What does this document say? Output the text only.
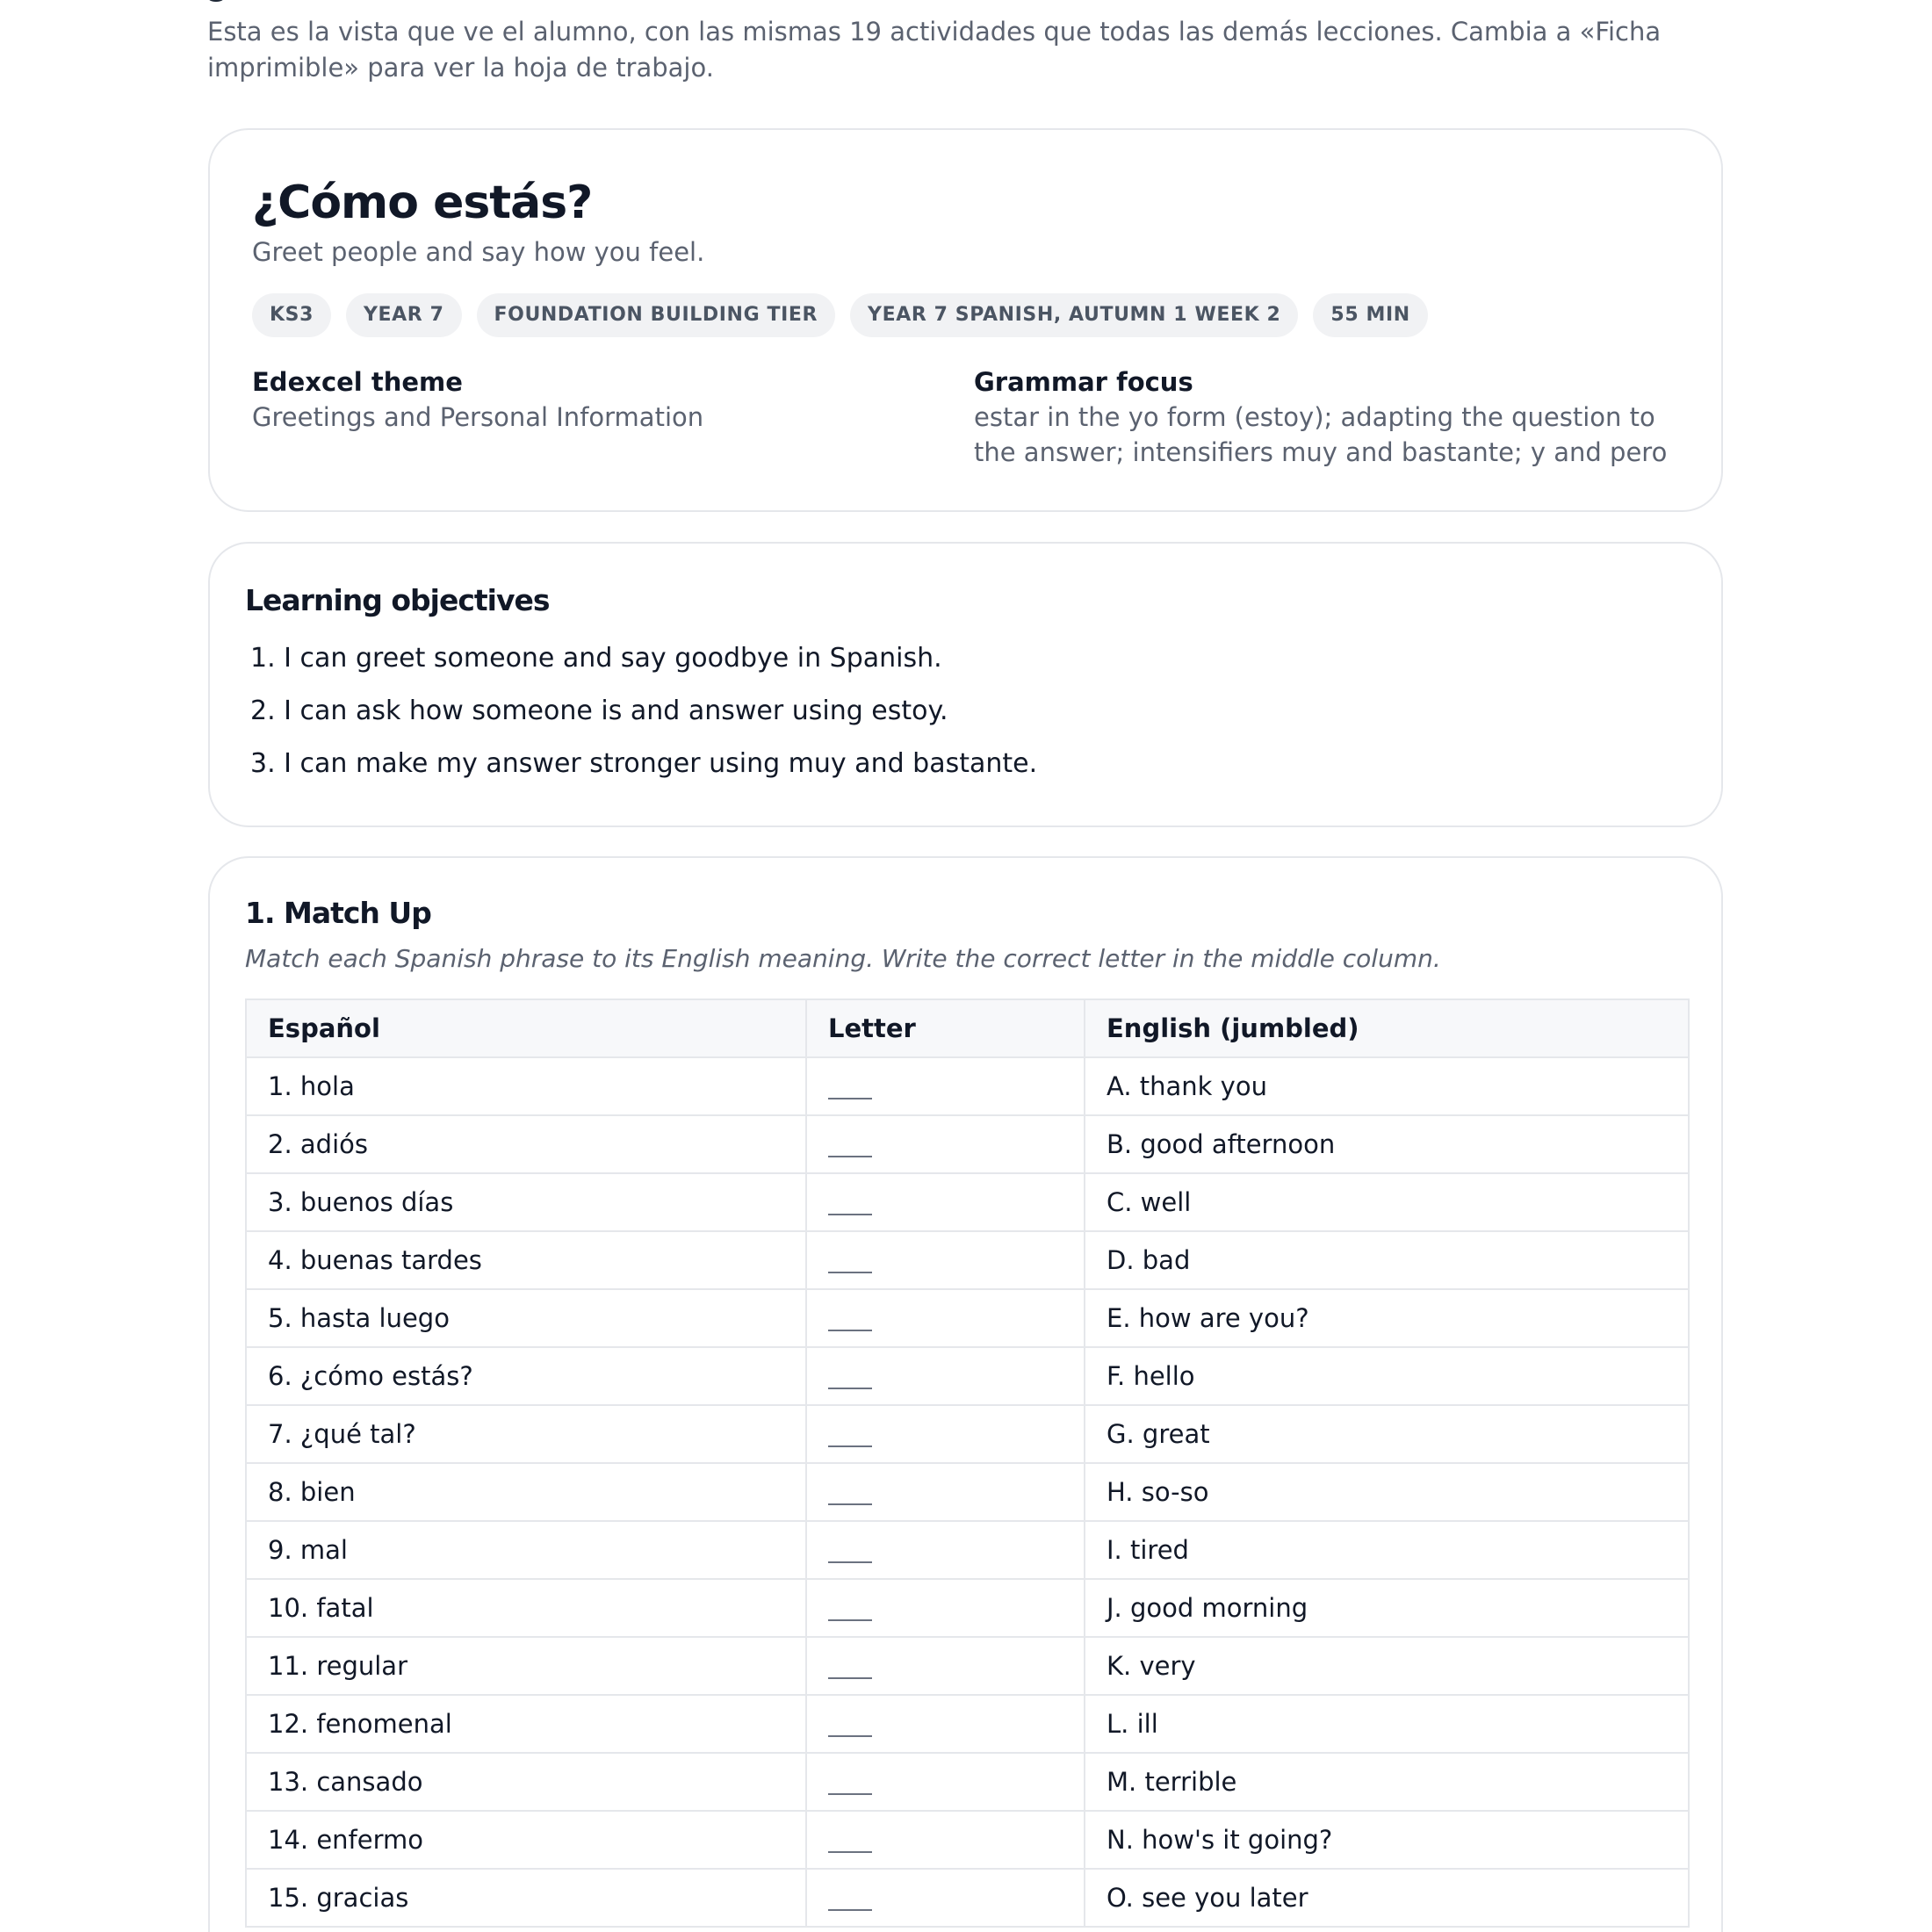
Esta es la vista que ve el alumno, con las mismas 19 actividades que todas las demás lecciones. Cambia a «Ficha imprimible» para ver la hoja de trabajo.

¿Cómo estás?

Greet people and say how you feel.

KS3	YEAR 7	FOUNDATION BUILDING TIER	YEAR 7 SPANISH, AUTUMN 1 WEEK 2	55 MIN
Edexcel theme
Greetings and Personal Information
Grammar focus
estar in the yo form (estoy); adapting the question to the answer; intensifiers muy and bastante; y and pero
Learning objectives
1. I can greet someone and say goodbye in Spanish.
2. I can ask how someone is and answer using estoy.
3. I can make my answer stronger using muy and bastante.
1. Match Up

Match each Spanish phrase to its English meaning. Write the correct letter in the middle column.

Español	Letter	English (jumbled)
1. hola		A. thank you
2. adiós		B. good afternoon
3. buenos días		C. well
4. buenas tardes		D. bad
5. hasta luego		E. how are you?
6. ¿cómo estás?		F. hello
7. ¿qué tal?		G. great
8. bien		H. so-so
9. mal		I. tired
10. fatal		J. good morning
11. regular		K. very
12. fenomenal		L. ill
13. cansado		M. terrible
14. enfermo		N. how's it going?
15. gracias		O. see you later
